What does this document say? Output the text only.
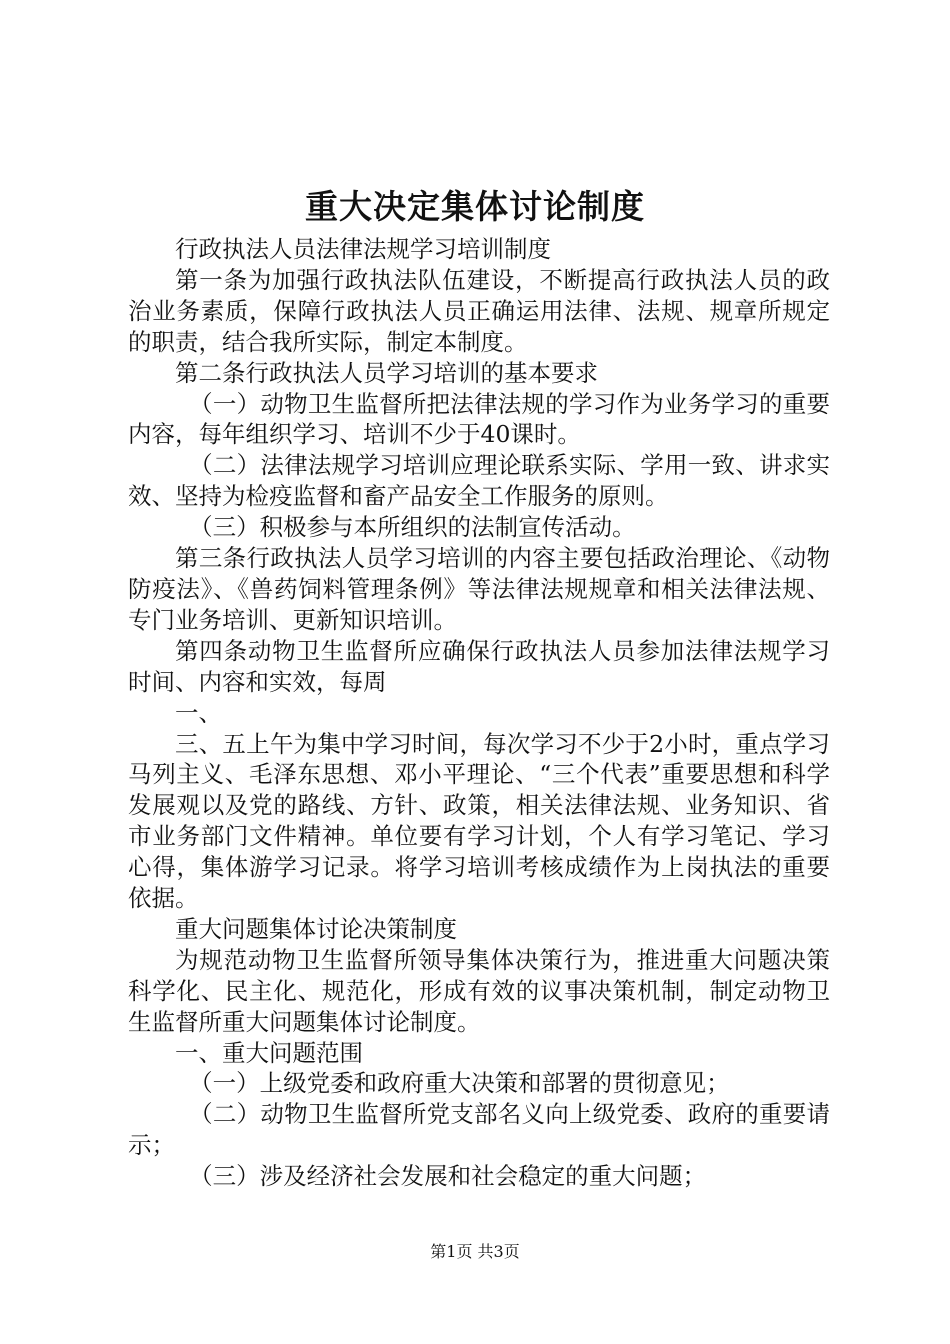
重大决定集体讨论制度

行政执法人员法律法规学习培训制度

第一条为加强行政执法队伍建设，不断提高行政执法人员的政治业务素质，保障行政执法人员正确运用法律、法规、规章所规定的职责，结合我所实际，制定本制度。

第二条行政执法人员学习培训的基本要求

（一）动物卫生监督所把法律法规的学习作为业务学习的重要内容，每年组织学习、培训不少于40课时。

（二）法律法规学习培训应理论联系实际、学用一致、讲求实效、坚持为检疫监督和畜产品安全工作服务的原则。

（三）积极参与本所组织的法制宣传活动。

第三条行政执法人员学习培训的内容主要包括政治理论、《动物防疫法》、《兽药饲料管理条例》等法律法规规章和相关法律法规、专门业务培训、更新知识培训。

第四条动物卫生监督所应确保行政执法人员参加法律法规学习时间、内容和实效，每周

一、

三、五上午为集中学习时间，每次学习不少于2小时，重点学习马列主义、毛泽东思想、邓小平理论、“三个代表”重要思想和科学发展观以及党的路线、方针、政策，相关法律法规、业务知识、省市业务部门文件精神。单位要有学习计划，个人有学习笔记、学习心得，集体游学习记录。将学习培训考核成绩作为上岗执法的重要依据。

重大问题集体讨论决策制度

为规范动物卫生监督所领导集体决策行为，推进重大问题决策科学化、民主化、规范化，形成有效的议事决策机制，制定动物卫生监督所重大问题集体讨论制度。

一、重大问题范围

（一）上级党委和政府重大决策和部署的贯彻意见；

（二）动物卫生监督所党支部名义向上级党委、政府的重要请示；

（三）涉及经济社会发展和社会稳定的重大问题；

第1页 共3页
